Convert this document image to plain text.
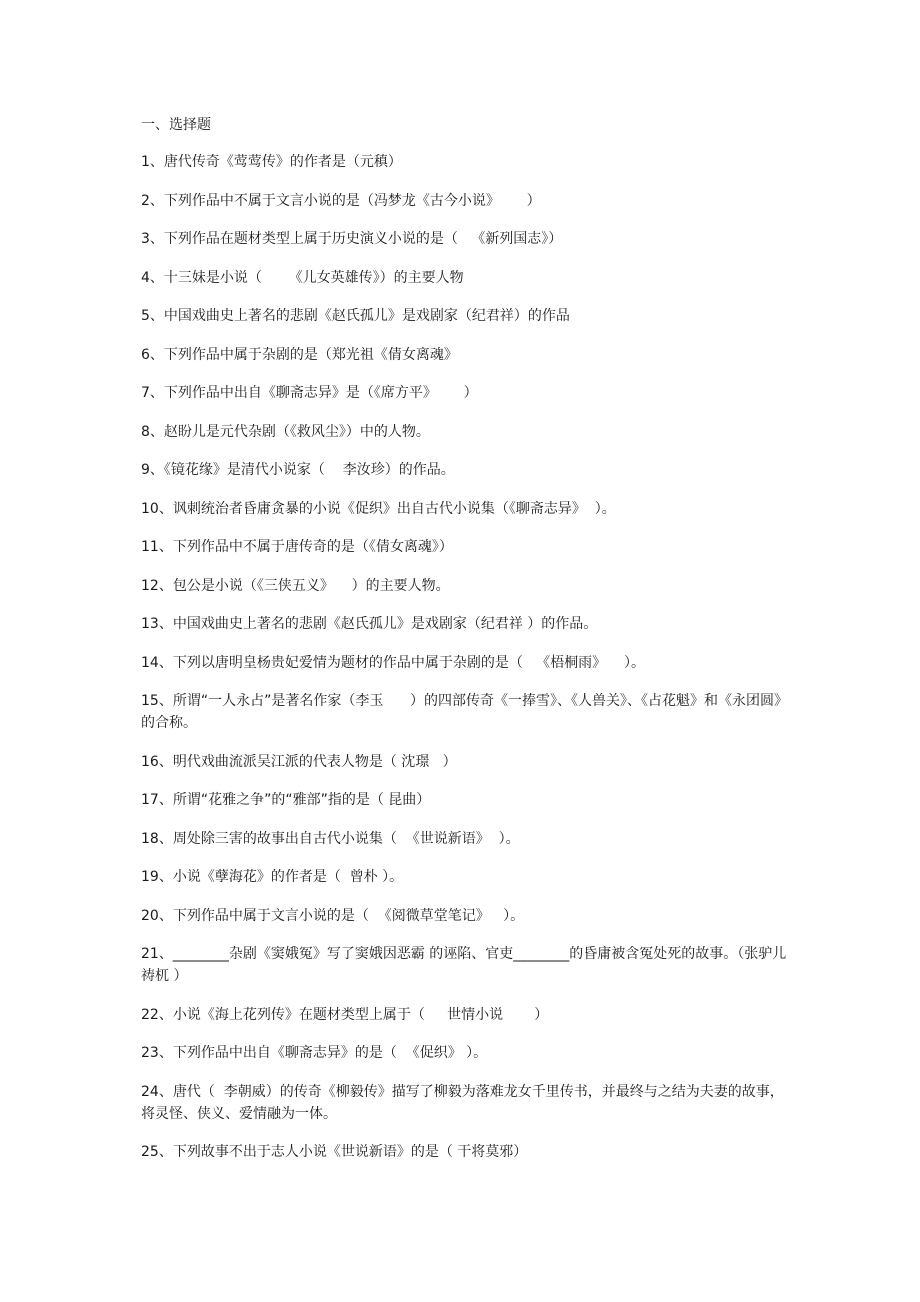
一、选择题
1、唐代传奇《莺莺传》的作者是（元稹）
2、下列作品中不属于文言小说的是（冯梦龙《古今小说》      ）
3、下列作品在题材类型上属于历史演义小说的是（   《新列国志》）
4、十三妹是小说（      《儿女英雄传》）的主要人物
5、中国戏曲史上著名的悲剧《赵氏孤儿》是戏剧家（纪君祥）的作品
6、下列作品中属于杂剧的是（郑光祖《倩女离魂》
7、下列作品中出自《聊斋志异》是（《席方平》      ）
8、赵盼儿是元代杂剧（《救风尘》）中的人物。
9、《镜花缘》是清代小说家（    李汝珍）的作品。
10、讽刺统治者昏庸贪暴的小说《促织》出自古代小说集（《聊斋志异》  ）。
11、下列作品中不属于唐传奇的是（《倩女离魂》）
12、包公是小说（《三侠五义》    ）的主要人物。
13、中国戏曲史上著名的悲剧《赵氏孤儿》是戏剧家（纪君祥 ）的作品。
14、下列以唐明皇杨贵妃爱情为题材的作品中属于杂剧的是（   《梧桐雨》    ）。
15、所谓“一人永占”是著名作家（李玉      ）的四部传奇《一捧雪》、《人兽关》、《占花魁》和《永团圆》的合称。
16、明代戏曲流派吴江派的代表人物是（ 沈璟   ）
17、所谓“花雅之争”的“雅部”指的是（ 昆曲）
18、周处除三害的故事出自古代小说集（  《世说新语》  ）。
19、小说《孽海花》的作者是（  曾朴 ）。
20、下列作品中属于文言小说的是（  《阅微草堂笔记》   ）。
21、________杂剧《窦娥冤》写了窦娥因恶霸 的诬陷、官吏________的昏庸被含冤处死的故事。（张驴儿   祷杌 ）
22、小说《海上花列传》在题材类型上属于（     世情小说       ）
23、下列作品中出自《聊斋志异》的是（  《促织》 ）。
24、唐代（  李朝威）的传奇《柳毅传》描写了柳毅为落难龙女千里传书，并最终与之结为夫妻的故事，将灵怪、侠义、爱情融为一体。
25、下列故事不出于志人小说《世说新语》的是（ 干将莫邪）
